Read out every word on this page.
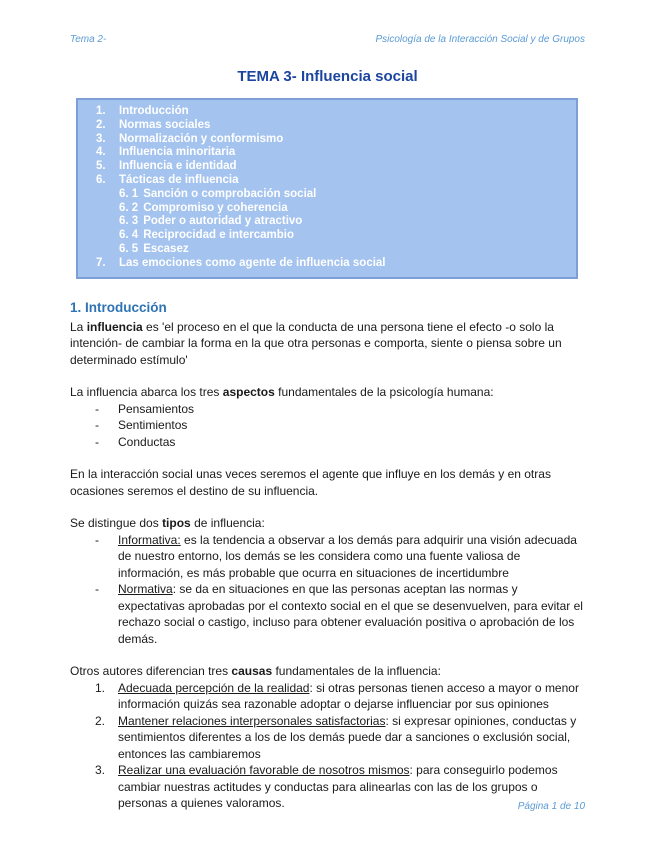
Tema 2-	Psicología de la Interacción Social y de Grupos
TEMA 3- Influencia social
1.	Introducción
2.	Normas sociales
3.	Normalización y conformismo
4.	Influencia minoritaria
5.	Influencia e identidad
6.	Tácticas de influencia
6. 1 Sanción o comprobación social
6. 2 Compromiso y coherencia
6. 3 Poder o autoridad y atractivo
6. 4 Reciprocidad e intercambio
6. 5 Escasez
7.	Las emociones como agente de influencia social
1. Introducción

La influencia es 'el proceso en el que la conducta de una persona tiene el efecto -o solo la intención- de cambiar la forma en la que otra personas e comporta, siente o piensa sobre un determinado estímulo'

La influencia abarca los tres aspectos fundamentales de la psicología humana:

-	Pensamientos
-	Sentimientos
-	Conductas

En la interacción social unas veces seremos el agente que influye en los demás y en otras ocasiones seremos el destino de su influencia.

Se distingue dos tipos de influencia:

-	Informativa: es la tendencia a observar a los demás para adquirir una visión adecuada de nuestro entorno, los demás se les considera como una fuente valiosa de información, es más probable que ocurra en situaciones de incertidumbre
-	Normativa: se da en situaciones en que las personas aceptan las normas y expectativas aprobadas por el contexto social en el que se desenvuelven, para evitar el rechazo social o castigo, incluso para obtener evaluación positiva o aprobación de los demás.

Otros autores diferencian tres causas fundamentales de la influencia:

1.	Adecuada percepción de la realidad: si otras personas tienen acceso a mayor o menor información quizás sea razonable adoptar o dejarse influenciar por sus opiniones
2.	Mantener relaciones interpersonales satisfactorias: si expresar opiniones, conductas y sentimientos diferentes a los de los demás puede dar a sanciones o exclusión social, entonces las cambiaremos
3.	Realizar una evaluación favorable de nosotros mismos: para conseguirlo podemos cambiar nuestras actitudes y conductas para alinearlas con las de los grupos o personas a quienes valoramos.	Página 1 de 10
